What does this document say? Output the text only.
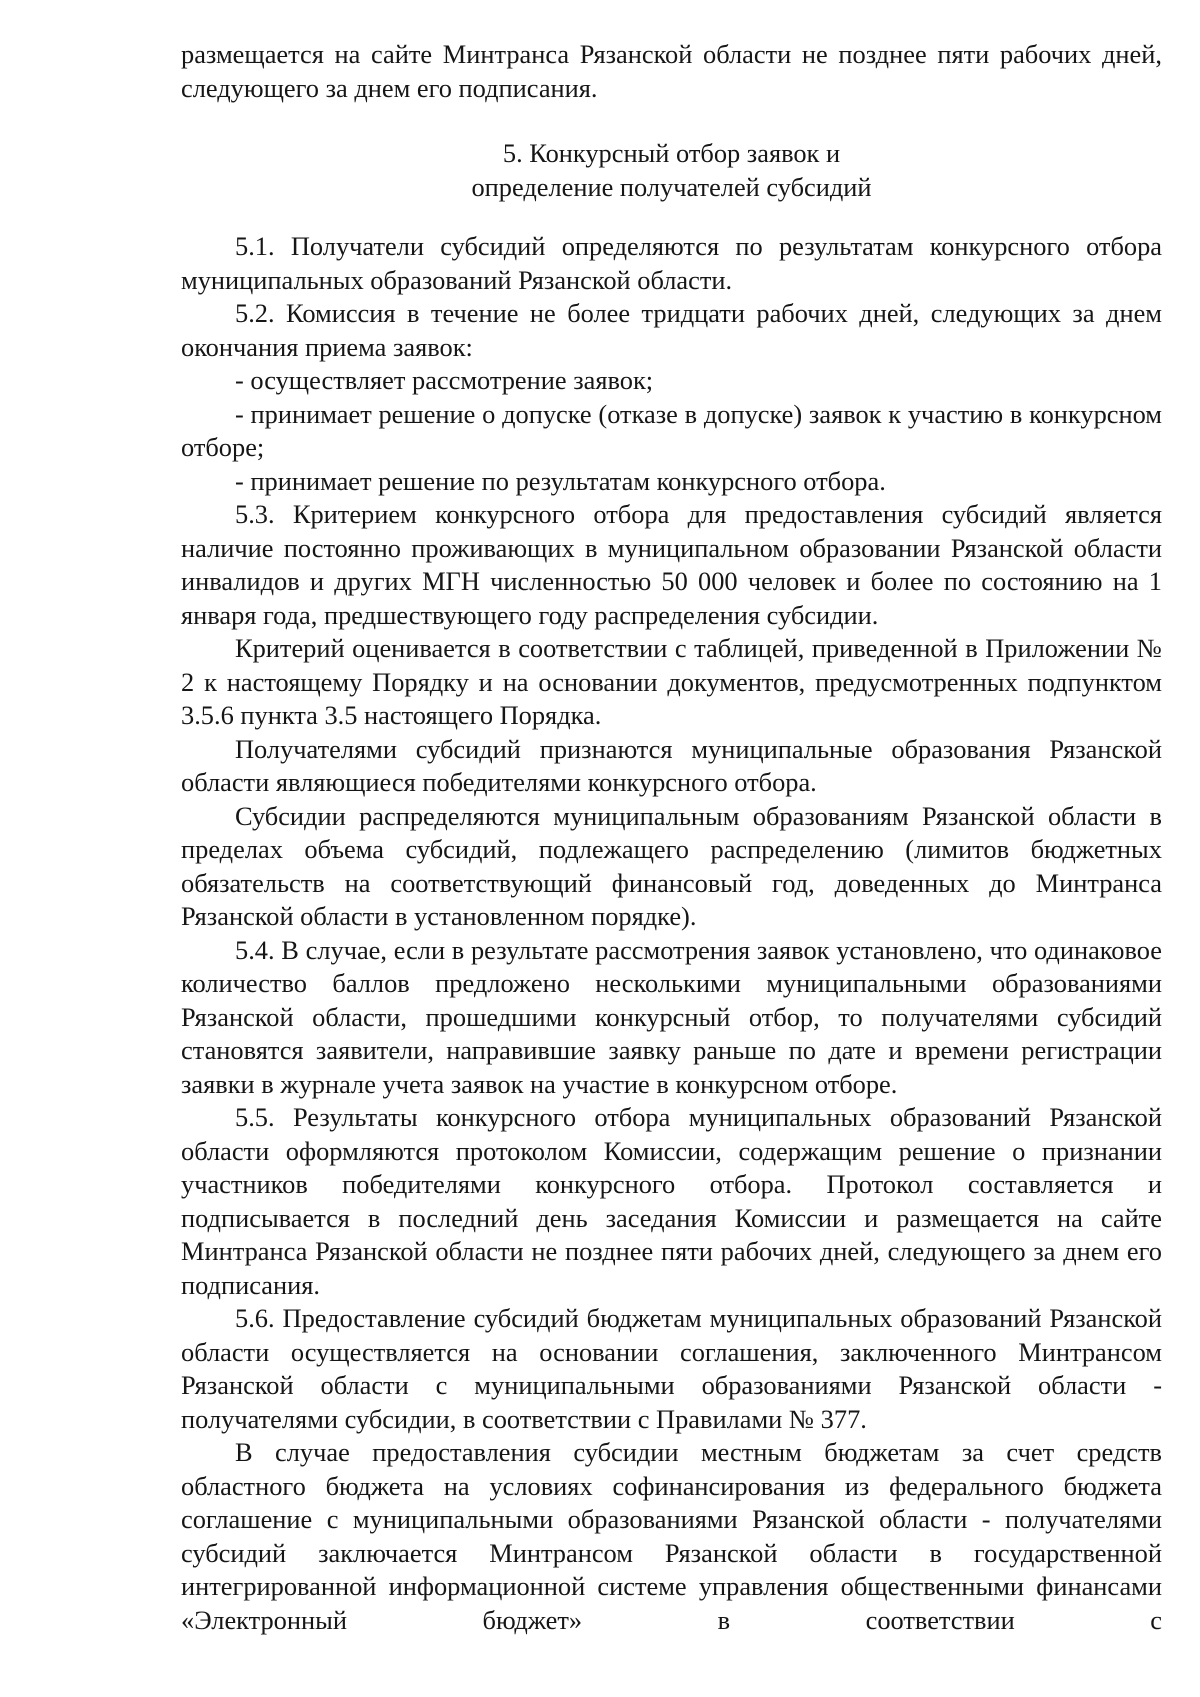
размещается на сайте Минтранса Рязанской области не позднее пяти рабочих дней, следующего за днем его подписания.

5. Конкурсный отбор заявок и

определение получателей субсидий

5.1. Получатели субсидий определяются по результатам конкурсного отбора муниципальных образований Рязанской области.

5.2. Комиссия в течение не более тридцати рабочих дней, следующих за днем окончания приема заявок:

- осуществляет рассмотрение заявок;

- принимает решение о допуске (отказе в допуске) заявок к участию в конкурсном отборе;

- принимает решение по результатам конкурсного отбора.

5.3. Критерием конкурсного отбора для предоставления субсидий является наличие постоянно проживающих в муниципальном образовании Рязанской области инвалидов и других МГН численностью 50 000 человек и более по состоянию на 1 января года, предшествующего году распределения субсидии.

Критерий оценивается в соответствии с таблицей, приведенной в Приложении № 2 к настоящему Порядку и на основании документов, предусмотренных подпунктом 3.5.6 пункта 3.5 настоящего Порядка.

Получателями субсидий признаются муниципальные образования Рязанской области являющиеся победителями конкурсного отбора.

Субсидии распределяются муниципальным образованиям Рязанской области в пределах объема субсидий, подлежащего распределению (лимитов бюджетных обязательств на соответствующий финансовый год, доведенных до Минтранса Рязанской области в установленном порядке).

5.4. В случае, если в результате рассмотрения заявок установлено, что одинаковое количество баллов предложено несколькими муниципальными образованиями Рязанской области, прошедшими конкурсный отбор, то получателями субсидий становятся заявители, направившие заявку раньше по дате и времени регистрации заявки в журнале учета заявок на участие в конкурсном отборе.

5.5. Результаты конкурсного отбора муниципальных образований Рязанской области оформляются протоколом Комиссии, содержащим решение о признании участников победителями конкурсного отбора. Протокол составляется и подписывается в последний день заседания Комиссии и размещается на сайте Минтранса Рязанской области не позднее пяти рабочих дней, следующего за днем его подписания.

5.6. Предоставление субсидий бюджетам муниципальных образований Рязанской области осуществляется на основании соглашения, заключенного Минтрансом Рязанской области с муниципальными образованиями Рязанской области - получателями субсидии, в соответствии с Правилами № 377.

В случае предоставления субсидии местным бюджетам за счет средств областного бюджета на условиях софинансирования из федерального бюджета соглашение с муниципальными образованиями Рязанской области - получателями субсидий заключается Минтрансом Рязанской области в государственной интегрированной информационной системе управления общественными финансами «Электронный бюджет» в соответствии с
